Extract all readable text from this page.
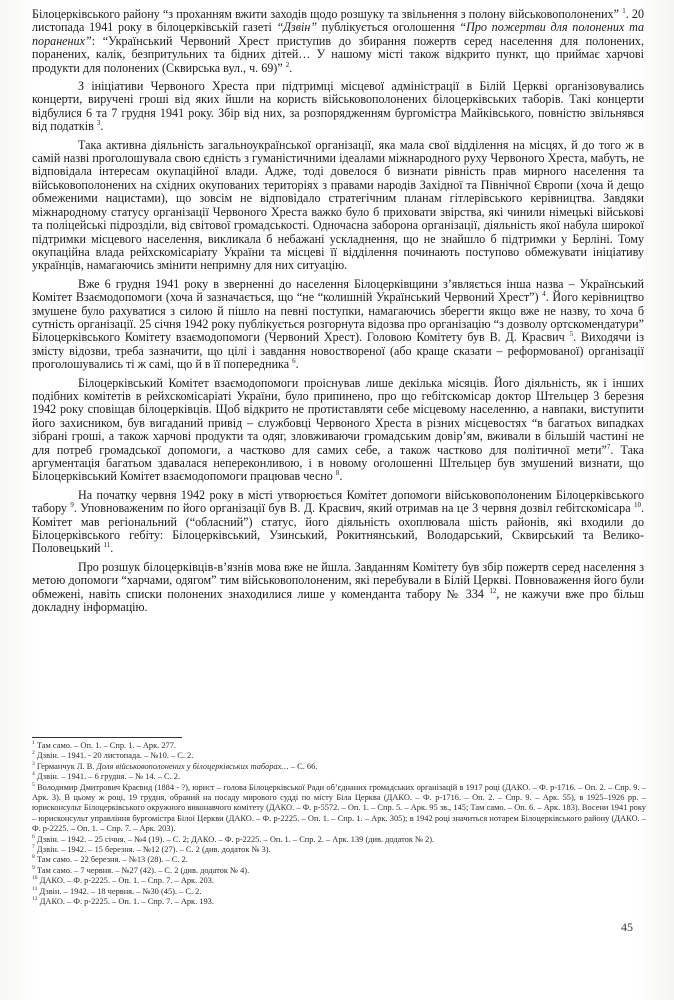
Білоцерківського району “з проханням вжити заходів щодо розшуку та звільнення з полону військовополонених” $^1$. 20 листопада 1941 року в білоцерківській газеті “Дзвін” публікується оголошення “Про пожертви для полонених та поранених”: “Український Червоний Хрест приступив до збирання пожертв серед населення для полонених, поранених, калік, безпритульних та бідних дітей… У нашому місті також відкрито пункт, що приймає харчові продукти для полонених (Сквирська вул., ч. 69)” $^2$.

З ініціативи Червоного Хреста при підтримці місцевої адміністрації в Білій Церкві організовувались концерти, виручені гроші від яких йшли на користь військовополонених білоцерківських таборів. Такі концерти відбулися 6 та 7 грудня 1941 року. Збір від них, за розпорядженням бургомістра Майківського, повністю звільнявся від податків $^3$.

Така активна діяльність загальноукраїнської організації, яка мала свої відділення на місцях, й до того ж в самій назві проголошувала свою єдність з гуманістичними ідеалами міжнародного руху Червоного Хреста, мабуть, не відповідала інтересам окупаційної влади. Адже, тоді довелося б визнати рівність прав мирного населення та військовополонених на східних окупованих територіях з правами народів Західної та Північної Європи (хоча й дещо обмеженими нацистами), що зовсім не відповідало стратегічним планам гітлерівського керівництва. Завдяки міжнародному статусу організації Червоного Хреста важко було б приховати звірства, які чинили німецькі військові та поліцейські підрозділи, від світової громадськості. Одночасна заборона організації, діяльність якої набула широкої підтримки місцевого населення, викликала б небажані ускладнення, що не знайшло б підтримки у Берліні. Тому окупаційна влада рейхскомісаріату України та місцеві її відділення починають поступово обмежувати ініціативу українців, намагаючись змінити непримну для них ситуацію.

Вже 6 грудня 1941 року в зверненні до населення Білоцерківщини з’являється інша назва – Український Комітет Взаємодопомоги (хоча й зазначається, що “не “колишній Український Червоний Хрест”) $^4$. Його керівництво змушене було рахуватися з силою й пішло на певні поступки, намагаючись зберегти якщо вже не назву, то хоча б сутність організації. 25 січня 1942 року публікується розгорнута відозва про організацію “з дозволу ортскомендатури” Білоцерківського Комітету взаємодопомоги (Червоний Хрест). Головою Комітету був В. Д. Красвич $^5$. Виходячи із змісту відозви, треба зазначити, що цілі і завдання новоствореної (або краще сказати – реформованої) організації проголошувались ті ж самі, що й в її попередника $^6$.

Білоцерківський Комітет взаємодопомоги проіснував лише декілька місяців. Його діяльність, як і інших подібних комітетів в рейхскомісаріаті України, було припинено, про що гебітскомісар доктор Штельцер 3 березня 1942 року сповіщав білоцерківців. Щоб відкрито не протиставляти себе місцевому населенню, а навпаки, виступити його захисником, був вигаданий привід – службовці Червоного Хреста в різних місцевостях “в багатьох випадках зібрані гроші, а також харчові продукти та одяг, зловживаючи громадським довір’ям, вживали в більшій частині не для потреб громадської допомоги, а частково для самих себе, а також частково для політичної мети”$^7$. Така аргументація багатьом здавалася непереконливою, і в новому оголошенні Штельцер був змушений визнати, що Білоцерківський Комітет взаємодопомоги працював чесно $^8$.

На початку червня 1942 року в місті утворюється Комітет допомоги військовополоненим Білоцерківського табору $^9$. Уповноваженим по його організації був В. Д. Красвич, який отримав на це 3 червня дозвіл гебітскомісара $^{10}$. Комітет мав регіональний (“обласний”) статус, його діяльність охоплювала шість районів, які входили до Білоцерківського гебіту: Білоцерківський, Узинський, Рокитнянський, Володарський, Сквирський та Велико-Половецький $^{11}$.

Про розшук білоцерківців-в’язнів мова вже не йшла. Завданням Комітету був збір пожертв серед населення з метою допомоги “харчами, одягом” тим військовополоненим, які перебували в Білій Церкві. Повноваження його були обмежені, навіть списки полонених знаходилися лише у коменданта табору № 334 $^{12}$, не кажучи вже про більш докладну інформацію.

$^1$ Там само. – Оп. 1. – Спр. 1. – Арк. 277.
$^2$ Дзвін. – 1941. - 20 листопада. – №10. – С. 2.
$^3$ Германчук Л. В. Доля військовополонених у білоцерківських таборах… – С. 66.
$^4$ Дзвін. – 1941. – 6 грудня. – № 14. – С. 2.
$^5$ Володимир Дмитрович Краєвид (1884 - ?), юрист – голова Білоцерківської Ради об’єднаних громадських організацій в 1917 році (ДАКО. – Ф. р-1716. – Оп. 2. – Спр. 9. – Арк. 3). В цьому ж році, 19 грудня, обраний на посаду мирового судді по місту Біла Церква (ДАКО. – Ф. р-1716. – Оп. 2. – Спр. 9. – Арк. 55), в 1925–1926 рр. – юрисконсульт Білоцерківського окружного виконавчого комітету (ДАКО. – Ф. р-5572. – Оп. 1. – Спр. 5. – Арк. 95 зв., 145; Там само. – Оп. 6. – Арк. 183). Восени 1941 року – юрисконсульт управління бургомістра Білої Церкви (ДАКО. – Ф. р-2225. – Оп. 1. – Спр. 1. – Арк. 305); в 1942 році значиться нотарем Білоцерківського району (ДАКО. – Ф. р-2225. – Оп. 1. – Спр. 7. – Арк. 203).
$^6$ Дзвін. – 1942. – 25 січня. – №4 (19). – С. 2; ДАКО. – Ф. р-2225. – Оп. 1. – Спр. 2. – Арк. 139 (див. додаток № 2).
$^7$ Дзвін. – 1942. – 15 березня. – №12 (27). – С. 2 (див. додаток № 3).
$^8$ Там само. – 22 березня. – №13 (28). – С. 2.
$^9$ Там само. – 7 червня. – №27 (42). – С. 2 (див. додаток № 4).
$^{10}$ ДАКО. – Ф. р-2225. – Оп. 1. – Спр. 7. – Арк. 203.
$^{11}$ Дзвін. – 1942. – 18 червня. – №30 (45). – С. 2.
$^{12}$ ДАКО. – Ф. р-2225. – Оп. 1. – Спр. 7. – Арк. 193.
45
